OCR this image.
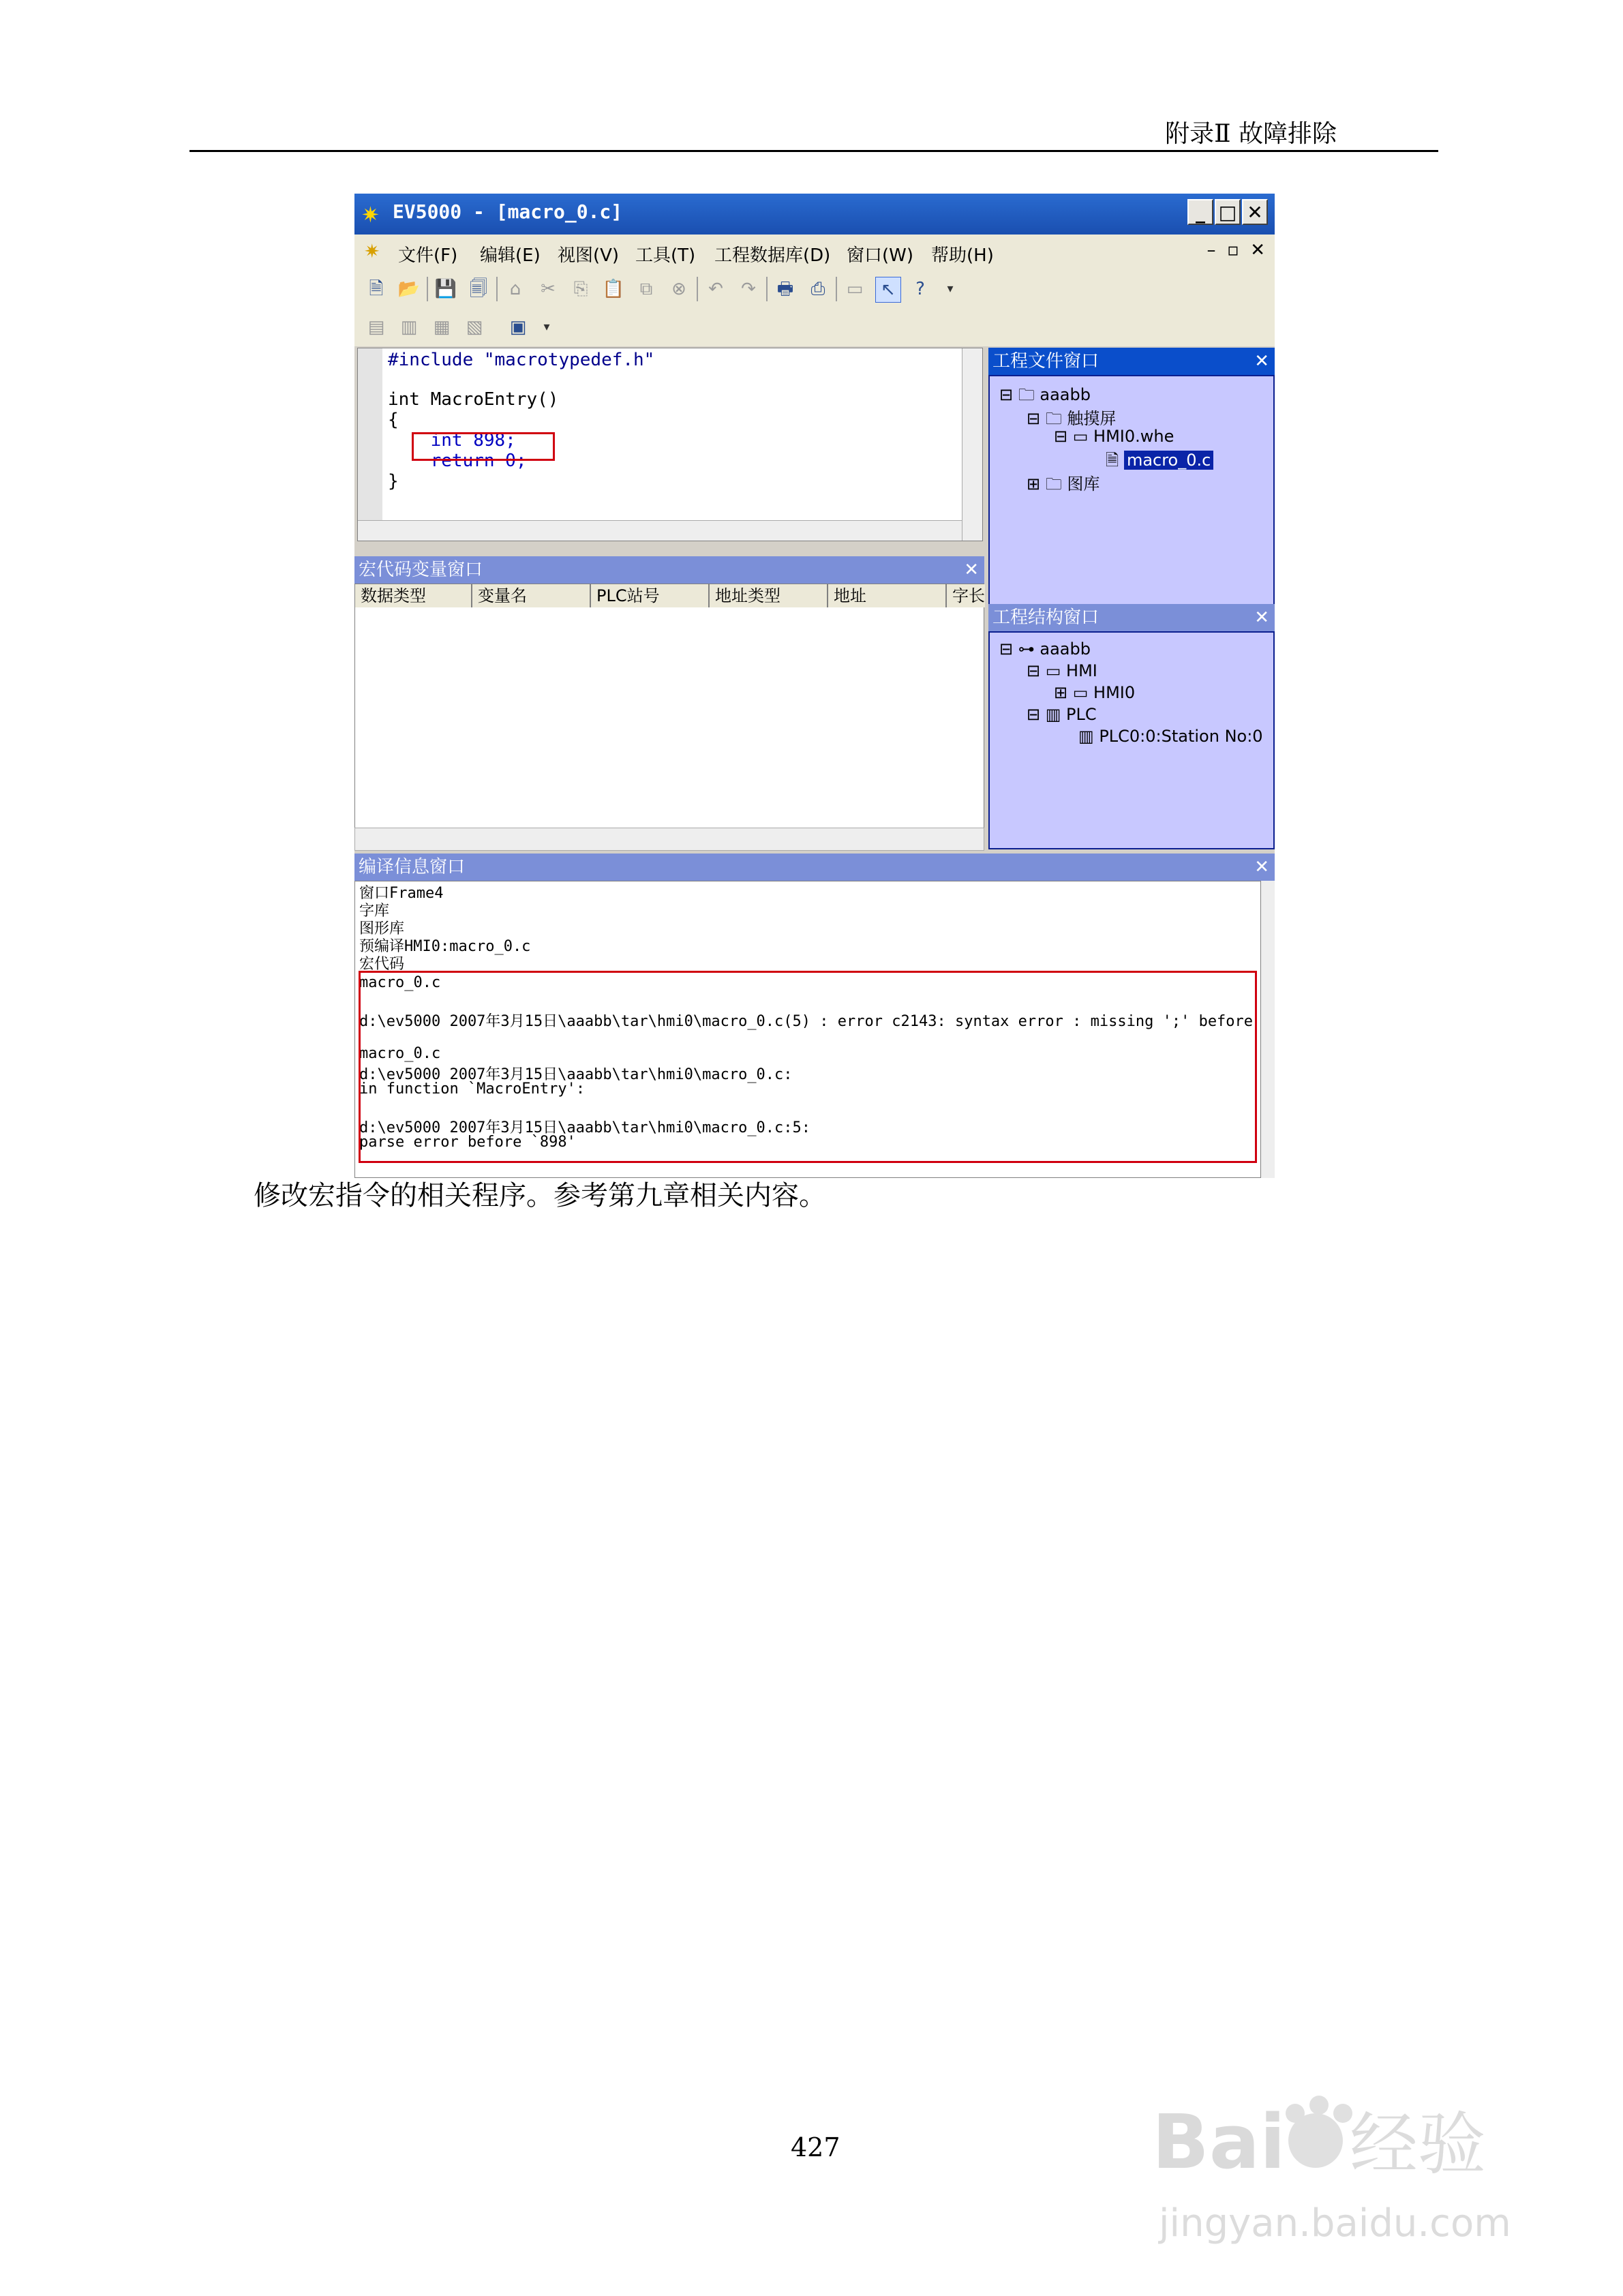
附录Ⅱ 故障排除
✷ EV5000 - [macro_0.c]	_ □ ✕
✷ 文件(F) 编辑(E) 视图(V) 工具(T) 工程数据库(D) 窗口(W) 帮助(H)	–  ▫  ✕
🗎 📂 💾 🗐	⌂	✂ ⎘ 📋 ⧉	⊗ ↶ ↷ 🖶 ⎙ ▭ ↖	?	▾
▤ ▥ ▦ ▧ ▣	▾
#include "macrotypedef.h"
int MacroEntry()
{
int 898;
return 0;
}
工程文件窗口	✕
⊟ 🗀 aaabb
⊟ 🗀 触摸屏
⊟ ▭ HMI0.whe
🗎 macro_0.c
⊞ 🗀 图库
宏代码变量窗口	✕
数据类型	变量名	PLC站号	地址类型	地址	字长
工程结构窗口	✕
⊟ ⊶ aaabb
⊟ ▭ HMI
⊞ ▭ HMI0
⊟ ▥ PLC
▥ PLC0:0:Station No:0
编译信息窗口	✕
窗口Frame4
字库
图形库
预编译HMI0:macro_0.c
宏代码
macro_0.c
d:\ev5000 2007年3月15日\aaabb\tar\hmi0\macro_0.c(5) : error c2143: syntax error : missing ';' before
macro_0.c
d:\ev5000 2007年3月15日\aaabb\tar\hmi0\macro_0.c:
in function `MacroEntry':
d:\ev5000 2007年3月15日\aaabb\tar\hmi0\macro_0.c:5:
parse error before `898'
修改宏指令的相关程序。参考第九章相关内容。
427	Bai 经验
jingyan.baidu.com
